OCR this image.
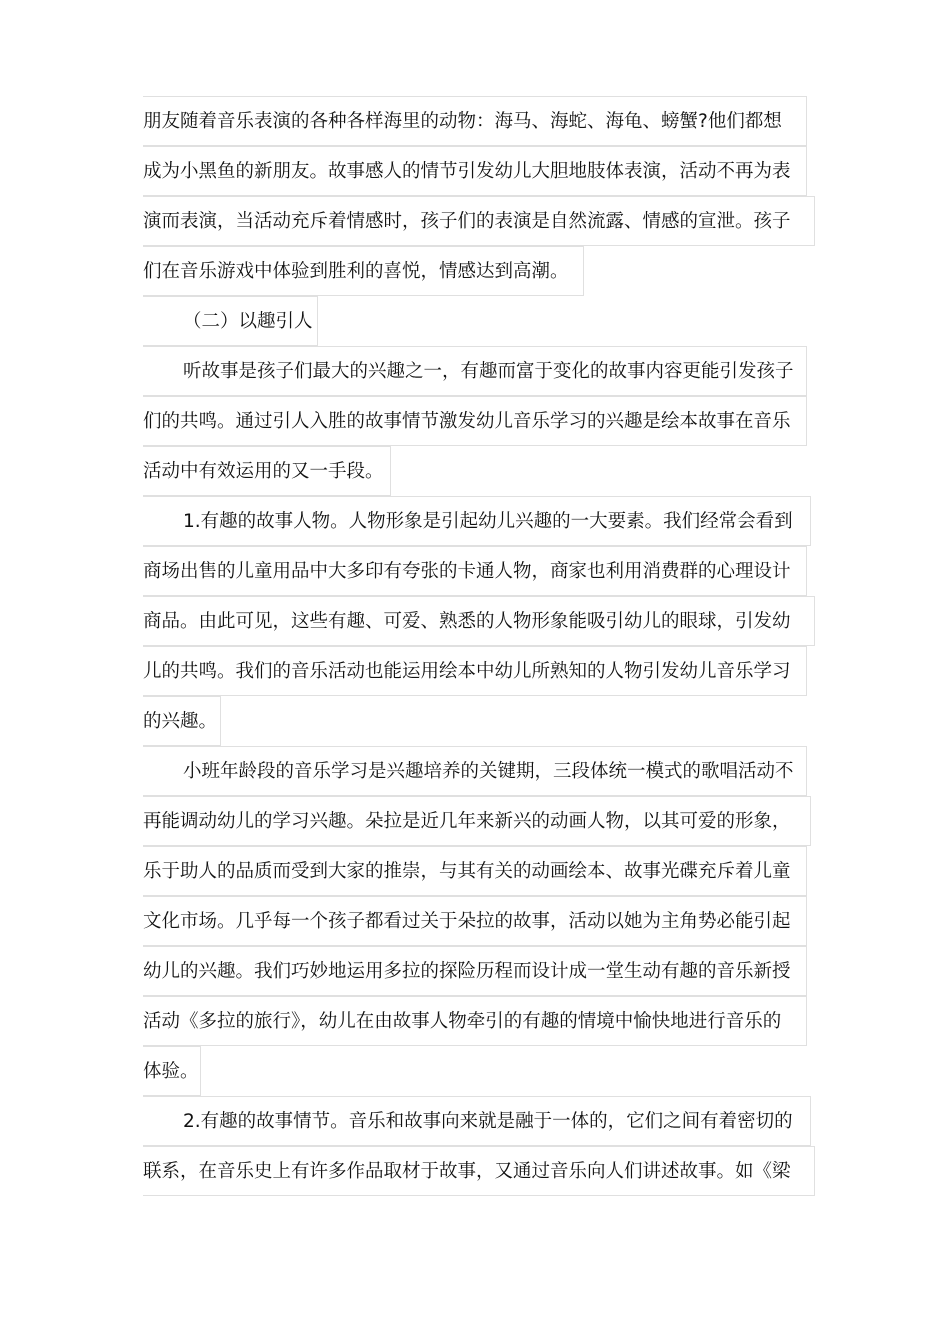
朋友随着音乐表演的各种各样海里的动物：海马、海蛇、海龟、螃蟹?他们都想
成为小黑鱼的新朋友。故事感人的情节引发幼儿大胆地肢体表演，活动不再为表
演而表演，当活动充斥着情感时，孩子们的表演是自然流露、情感的宣泄。孩子
们在音乐游戏中体验到胜利的喜悦，情感达到高潮。
（二）以趣引人
听故事是孩子们最大的兴趣之一，有趣而富于变化的故事内容更能引发孩子
们的共鸣。通过引人入胜的故事情节激发幼儿音乐学习的兴趣是绘本故事在音乐
活动中有效运用的又一手段。
1.有趣的故事人物。人物形象是引起幼儿兴趣的一大要素。我们经常会看到
商场出售的儿童用品中大多印有夸张的卡通人物，商家也利用消费群的心理设计
商品。由此可见，这些有趣、可爱、熟悉的人物形象能吸引幼儿的眼球，引发幼
儿的共鸣。我们的音乐活动也能运用绘本中幼儿所熟知的人物引发幼儿音乐学习
的兴趣。
小班年龄段的音乐学习是兴趣培养的关键期，三段体统一模式的歌唱活动不
再能调动幼儿的学习兴趣。朵拉是近几年来新兴的动画人物，以其可爱的形象，
乐于助人的品质而受到大家的推崇，与其有关的动画绘本、故事光碟充斥着儿童
文化市场。几乎每一个孩子都看过关于朵拉的故事，活动以她为主角势必能引起
幼儿的兴趣。我们巧妙地运用多拉的探险历程而设计成一堂生动有趣的音乐新授
活动《多拉的旅行》，幼儿在由故事人物牵引的有趣的情境中愉快地进行音乐的
体验。
2.有趣的故事情节。音乐和故事向来就是融于一体的，它们之间有着密切的
联系，在音乐史上有许多作品取材于故事，又通过音乐向人们讲述故事。如《梁
